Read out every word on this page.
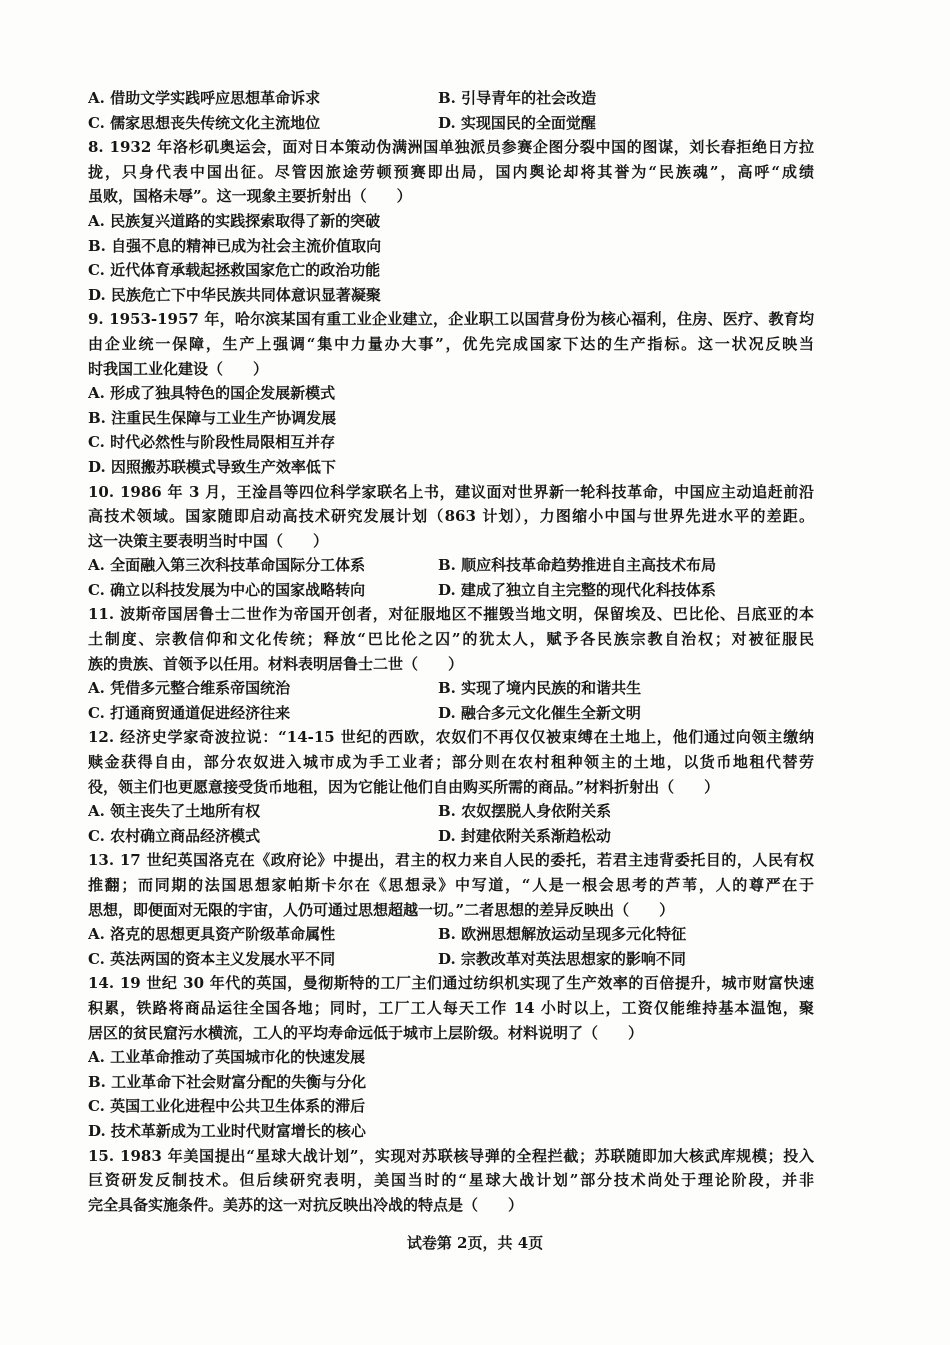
A. 借助文学实践呼应思想革命诉求	B. 引导青年的社会改造
C. 儒家思想丧失传统文化主流地位	D. 实现国民的全面觉醒
8. 1932 年洛杉矶奥运会，面对日本策动伪满洲国单独派员参赛企图分裂中国的图谋，刘长春拒绝日方拉
拢，只身代表中国出征。尽管因旅途劳顿预赛即出局，国内舆论却将其誉为“民族魂”，高呼“成绩
虽败，国格未辱”。这一现象主要折射出（　　）
A. 民族复兴道路的实践探索取得了新的突破
B. 自强不息的精神已成为社会主流价值取向
C. 近代体育承载起拯救国家危亡的政治功能
D. 民族危亡下中华民族共同体意识显著凝聚
9. 1953-1957 年，哈尔滨某国有重工业企业建立，企业职工以国营身份为核心福利，住房、医疗、教育均
由企业统一保障，生产上强调“集中力量办大事”，优先完成国家下达的生产指标。这一状况反映当
时我国工业化建设（　　）
A. 形成了独具特色的国企发展新模式
B. 注重民生保障与工业生产协调发展
C. 时代必然性与阶段性局限相互并存
D. 因照搬苏联模式导致生产效率低下
10. 1986 年 3 月，王淦昌等四位科学家联名上书，建议面对世界新一轮科技革命，中国应主动追赶前沿
高技术领域。国家随即启动高技术研究发展计划（863 计划），力图缩小中国与世界先进水平的差距。
这一决策主要表明当时中国（　　）
A. 全面融入第三次科技革命国际分工体系	B. 顺应科技革命趋势推进自主高技术布局
C. 确立以科技发展为中心的国家战略转向	D. 建成了独立自主完整的现代化科技体系
11. 波斯帝国居鲁士二世作为帝国开创者，对征服地区不摧毁当地文明，保留埃及、巴比伦、吕底亚的本
土制度、宗教信仰和文化传统；释放“巴比伦之囚”的犹太人，赋予各民族宗教自治权；对被征服民
族的贵族、首领予以任用。材料表明居鲁士二世（　　）
A. 凭借多元整合维系帝国统治	B. 实现了境内民族的和谐共生
C. 打通商贸通道促进经济往来	D. 融合多元文化催生全新文明
12. 经济史学家奇波拉说：“14-15 世纪的西欧，农奴们不再仅仅被束缚在土地上，他们通过向领主缴纳
赎金获得自由，部分农奴进入城市成为手工业者；部分则在农村租种领主的土地，以货币地租代替劳
役，领主们也更愿意接受货币地租，因为它能让他们自由购买所需的商品。”材料折射出（　　）
A. 领主丧失了土地所有权	B. 农奴摆脱人身依附关系
C. 农村确立商品经济模式	D. 封建依附关系渐趋松动
13. 17 世纪英国洛克在《政府论》中提出，君主的权力来自人民的委托，若君主违背委托目的，人民有权
推翻；而同期的法国思想家帕斯卡尔在《思想录》中写道，“人是一根会思考的芦苇，人的尊严在于
思想，即便面对无限的宇宙，人仍可通过思想超越一切。”二者思想的差异反映出（　　）
A. 洛克的思想更具资产阶级革命属性	B. 欧洲思想解放运动呈现多元化特征
C. 英法两国的资本主义发展水平不同	D. 宗教改革对英法思想家的影响不同
14. 19 世纪 30 年代的英国，曼彻斯特的工厂主们通过纺织机实现了生产效率的百倍提升，城市财富快速
积累，铁路将商品运往全国各地；同时，工厂工人每天工作 14 小时以上，工资仅能维持基本温饱，聚
居区的贫民窟污水横流，工人的平均寿命远低于城市上层阶级。材料说明了（　　）
A. 工业革命推动了英国城市化的快速发展
B. 工业革命下社会财富分配的失衡与分化
C. 英国工业化进程中公共卫生体系的滞后
D. 技术革新成为工业时代财富增长的核心
15. 1983 年美国提出“星球大战计划”，实现对苏联核导弹的全程拦截；苏联随即加大核武库规模；投入
巨资研发反制技术。但后续研究表明，美国当时的“星球大战计划”部分技术尚处于理论阶段，并非
完全具备实施条件。美苏的这一对抗反映出冷战的特点是（　　）
试卷第 2页，共 4页
